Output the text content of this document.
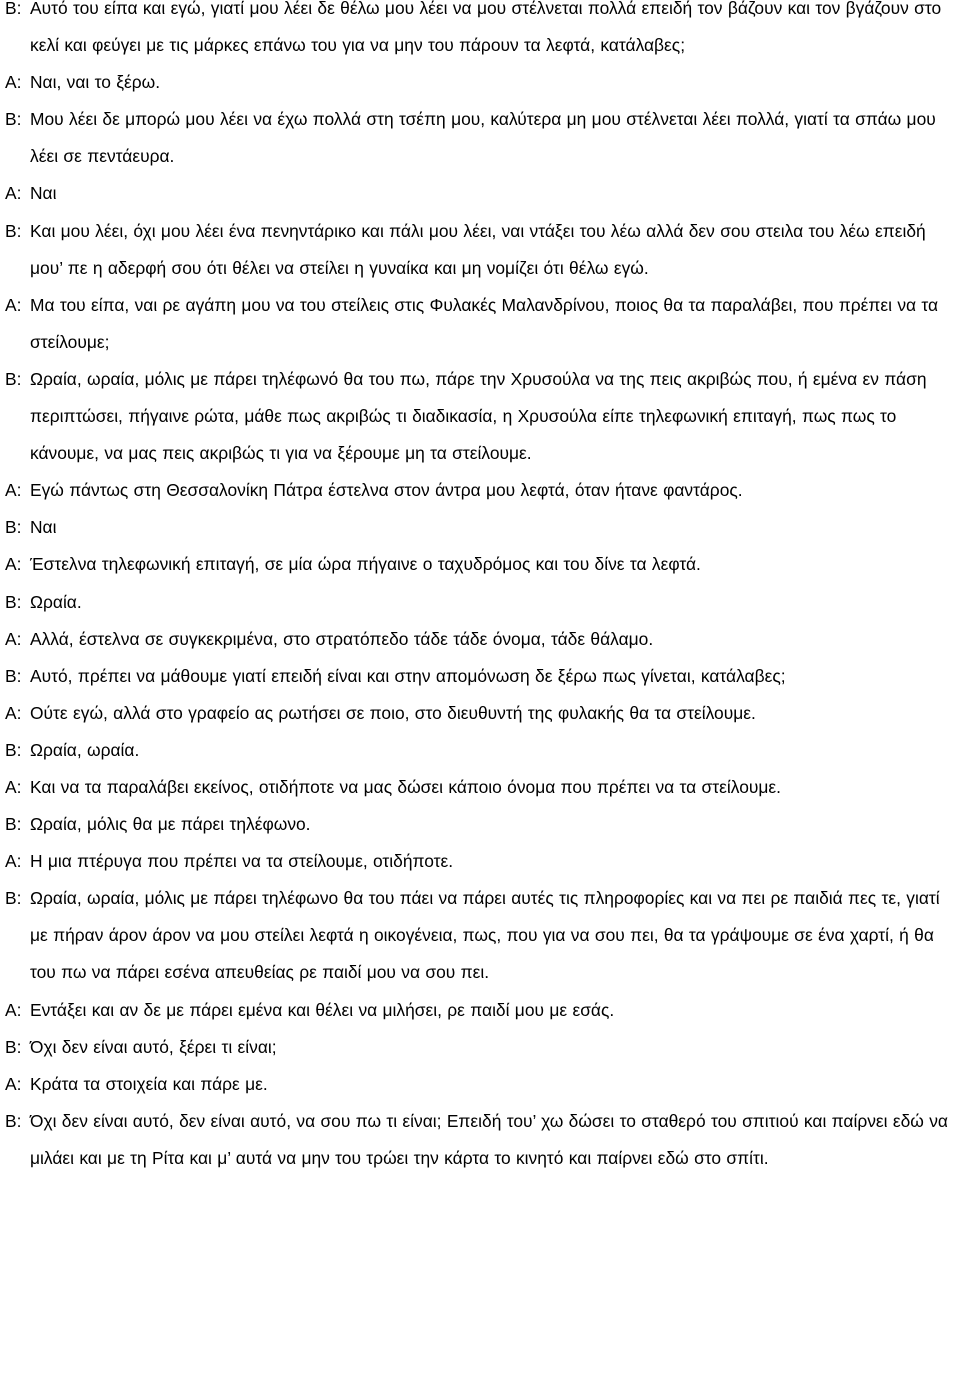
B: Αυτό του είπα και εγώ, γιατί μου λέει δε θέλω μου λέει να μου στέλνεται πολλά επειδή τον βάζουν και τον βγάζουν στο κελί και φεύγει με τις μάρκες επάνω του για να μην του πάρουν τα λεφτά, κατάλαβες;
A: Ναι, ναι το ξέρω.
B: Μου λέει δε μπορώ μου λέει να έχω πολλά στη τσέπη μου, καλύτερα μη μου στέλνεται λέει πολλά, γιατί τα σπάω μου λέει σε πεντάευρα.
A: Ναι
B: Και μου λέει, όχι μου λέει ένα πενηντάρικο και πάλι μου λέει, ναι ντάξει του λέω αλλά δεν σου στειλα του λέω επειδή μου’ πε η αδερφή σου ότι θέλει να στείλει η γυναίκα και μη νομίζει ότι θέλω εγώ.
A: Μα του είπα, ναι ρε αγάπη μου να του στείλεις στις Φυλακές Μαλανδρίνου, ποιος θα τα παραλάβει, που πρέπει να τα στείλουμε;
B: Ωραία, ωραία, μόλις με πάρει τηλέφωνό θα του πω, πάρε την Χρυσούλα να της πεις ακριβώς που, ή εμένα εν πάση περιπτώσει, πήγαινε ρώτα, μάθε πως ακριβώς τι διαδικασία, η Χρυσούλα είπε τηλεφωνική επιταγή, πως πως το κάνουμε, να μας πεις ακριβώς τι για να ξέρουμε μη τα στείλουμε.
A: Εγώ πάντως στη Θεσσαλονίκη Πάτρα έστελνα στον άντρα μου λεφτά, όταν ήτανε φαντάρος.
B: Ναι
A: Έστελνα τηλεφωνική επιταγή, σε μία ώρα πήγαινε ο ταχυδρόμος και του δίνε τα λεφτά.
B: Ωραία.
A: Αλλά, έστελνα σε συγκεκριμένα, στο στρατόπεδο τάδε τάδε όνομα, τάδε θάλαμο.
B: Αυτό, πρέπει να μάθουμε γιατί επειδή είναι και στην απομόνωση δε ξέρω πως γίνεται, κατάλαβες;
A: Ούτε εγώ, αλλά στο γραφείο ας ρωτήσει σε ποιο, στο διευθυντή της φυλακής θα τα στείλουμε.
B: Ωραία, ωραία.
A: Και να τα παραλάβει εκείνος, οτιδήποτε να μας δώσει κάποιο όνομα που πρέπει να τα στείλουμε.
B: Ωραία, μόλις θα με πάρει τηλέφωνο.
A: Η μια πτέρυγα που πρέπει να τα στείλουμε, οτιδήποτε.
B: Ωραία, ωραία, μόλις με πάρει τηλέφωνο θα του πάει να πάρει αυτές τις πληροφορίες και να πει ρε παιδιά πες τε, γιατί με πήραν άρον άρον να μου στείλει λεφτά η οικογένεια, πως, που για να σου πει, θα τα γράψουμε σε ένα χαρτί, ή θα του πω να πάρει εσένα απευθείας ρε παιδί μου να σου πει.
A: Εντάξει και αν δε με πάρει εμένα και θέλει να μιλήσει, ρε παιδί μου με εσάς.
B: Όχι δεν είναι αυτό, ξέρει τι είναι;
A: Κράτα τα στοιχεία και πάρε με.
B: Όχι δεν είναι αυτό, δεν είναι αυτό, να σου πω τι είναι; Επειδή του’ χω δώσει το σταθερό του σπιτιού και παίρνει εδώ να μιλάει και με τη Ρίτα και μ’ αυτά να μην του τρώει την κάρτα το κινητό και παίρνει εδώ στο σπίτι.
